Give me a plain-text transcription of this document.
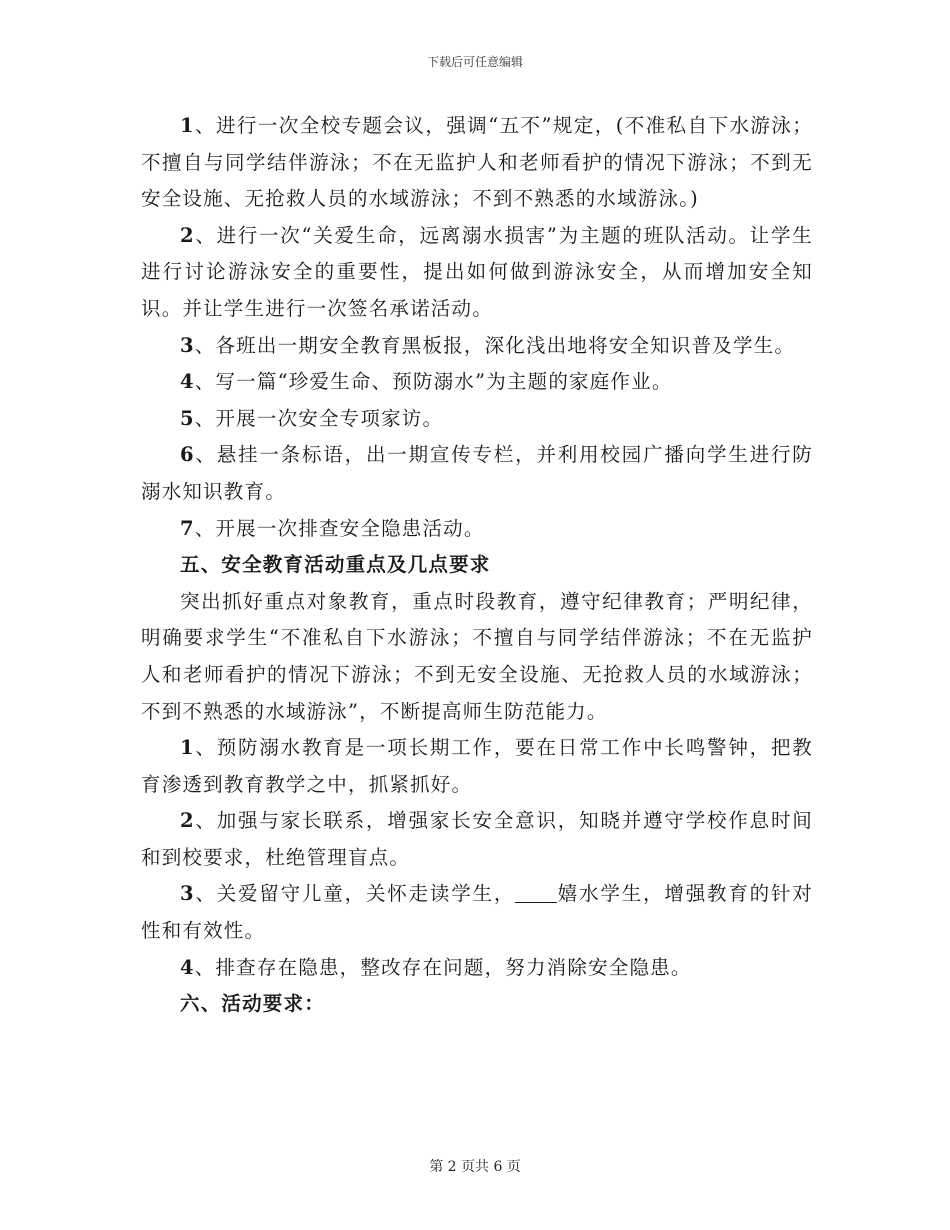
下载后可任意编辑

1、进行一次全校专题会议，强调“五不”规定，(不准私自下水游泳；不擅自与同学结伴游泳；不在无监护人和老师看护的情况下游泳；不到无安全设施、无抢救人员的水域游泳；不到不熟悉的水域游泳。)

2、进行一次“关爱生命，远离溺水损害”为主题的班队活动。让学生进行讨论游泳安全的重要性，提出如何做到游泳安全，从而增加安全知识。并让学生进行一次签名承诺活动。

3、各班出一期安全教育黑板报，深化浅出地将安全知识普及学生。

4、写一篇“珍爱生命、预防溺水”为主题的家庭作业。

5、开展一次安全专项家访。

6、悬挂一条标语，出一期宣传专栏，并利用校园广播向学生进行防溺水知识教育。

7、开展一次排查安全隐患活动。

五、安全教育活动重点及几点要求

突出抓好重点对象教育，重点时段教育，遵守纪律教育；严明纪律，明确要求学生“不准私自下水游泳；不擅自与同学结伴游泳；不在无监护人和老师看护的情况下游泳；不到无安全设施、无抢救人员的水域游泳；不到不熟悉的水域游泳”，不断提高师生防范能力。

1、预防溺水教育是一项长期工作，要在日常工作中长鸣警钟，把教育渗透到教育教学之中，抓紧抓好。

2、加强与家长联系，增强家长安全意识，知晓并遵守学校作息时间和到校要求，杜绝管理盲点。

3、关爱留守儿童，关怀走读学生， 嬉水学生，增强教育的针对性和有效性。

4、排查存在隐患，整改存在问题，努力消除安全隐患。

六、活动要求：

第 2 页共 6 页
